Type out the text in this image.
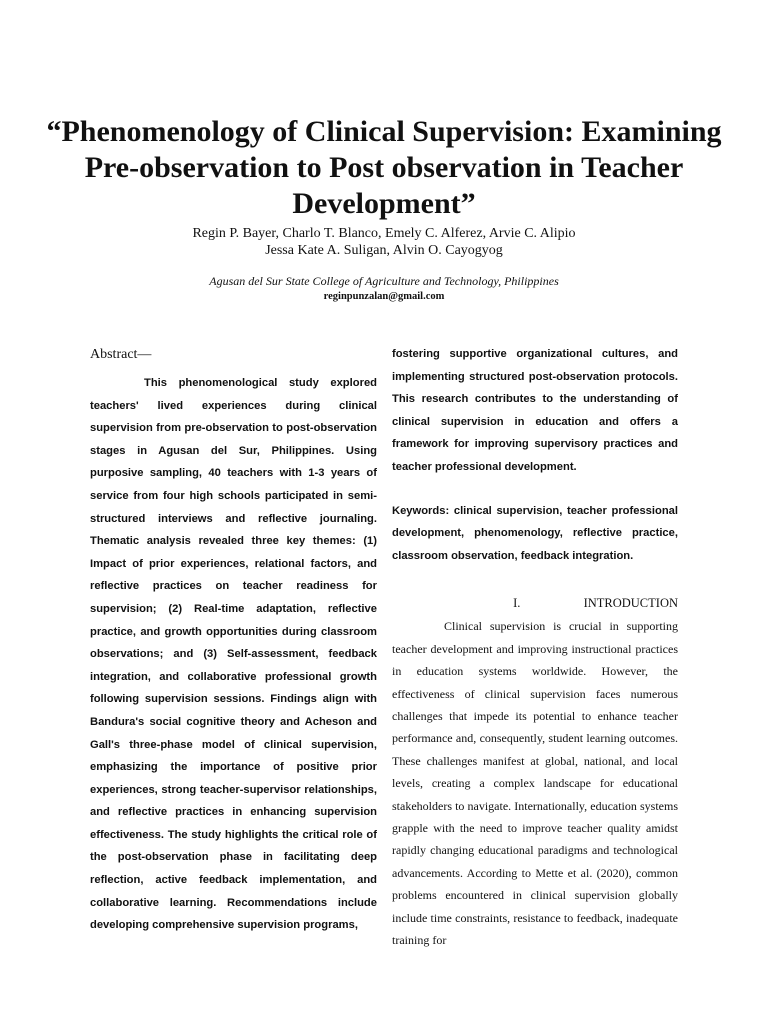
“Phenomenology of Clinical Supervision: Examining Pre-observation to Post observation in Teacher Development”
Regin P. Bayer, Charlo T. Blanco, Emely C. Alferez, Arvie C. Alipio
Jessa Kate A. Suligan, Alvin O. Cayogyog
Agusan del Sur State College of Agriculture and Technology, Philippines
reginpunzalan@gmail.com

Abstract—

This phenomenological study explored teachers' lived experiences during clinical supervision from pre-observation to post-observation stages in Agusan del Sur, Philippines. Using purposive sampling, 40 teachers with 1-3 years of service from four high schools participated in semi-structured interviews and reflective journaling. Thematic analysis revealed three key themes: (1) Impact of prior experiences, relational factors, and reflective practices on teacher readiness for supervision; (2) Real-time adaptation, reflective practice, and growth opportunities during classroom observations; and (3) Self-assessment, feedback integration, and collaborative professional growth following supervision sessions. Findings align with Bandura's social cognitive theory and Acheson and Gall's three-phase model of clinical supervision, emphasizing the importance of positive prior experiences, strong teacher-supervisor relationships, and reflective practices in enhancing supervision effectiveness. The study highlights the critical role of the post-observation phase in facilitating deep reflection, active feedback implementation, and collaborative learning. Recommendations include developing comprehensive supervision programs,

fostering supportive organizational cultures, and implementing structured post-observation protocols. This research contributes to the understanding of clinical supervision in education and offers a framework for improving supervisory practices and teacher professional development.

Keywords: clinical supervision, teacher professional development, phenomenology, reflective practice, classroom observation, feedback integration.

I.	INTRODUCTION

Clinical supervision is crucial in supporting teacher development and improving instructional practices in education systems worldwide. However, the effectiveness of clinical supervision faces numerous challenges that impede its potential to enhance teacher performance and, consequently, student learning outcomes. These challenges manifest at global, national, and local levels, creating a complex landscape for educational stakeholders to navigate. Internationally, education systems grapple with the need to improve teacher quality amidst rapidly changing educational paradigms and technological advancements. According to Mette et al. (2020), common problems encountered in clinical supervision globally include time constraints, resistance to feedback, inadequate training for
